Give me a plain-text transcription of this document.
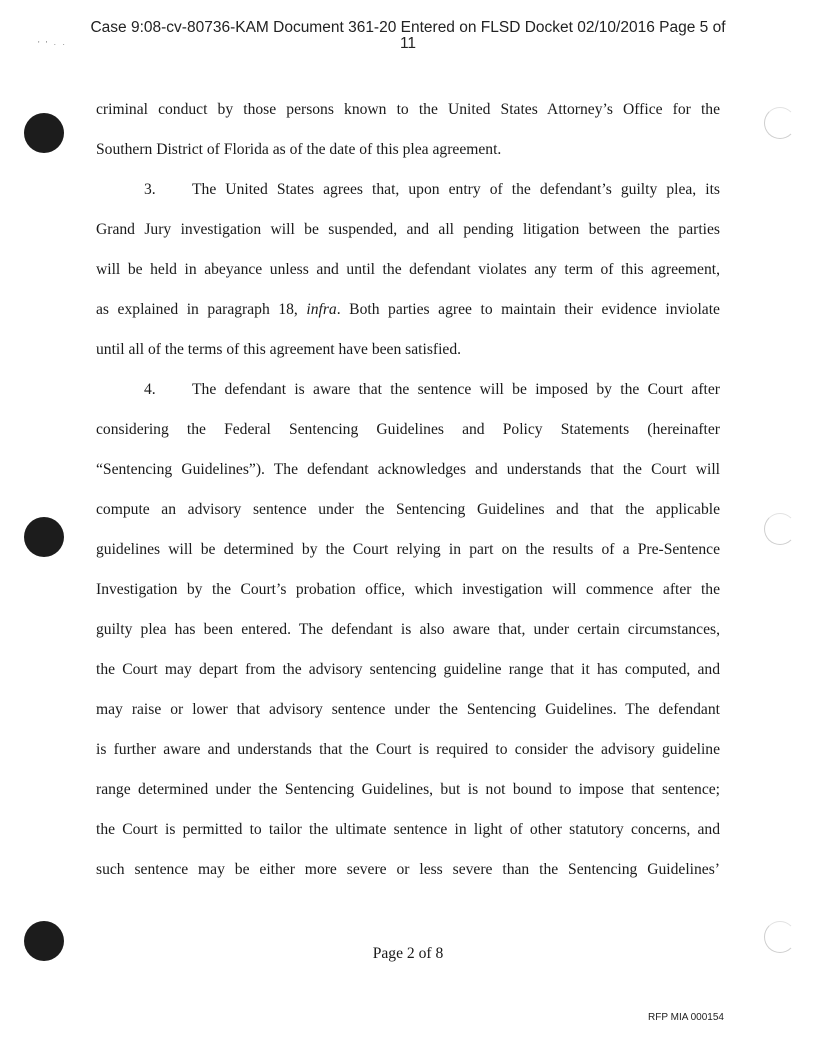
Case 9:08-cv-80736-KAM Document 361-20 Entered on FLSD Docket 02/10/2016 Page 5 of
11
' ' · ·
criminal conduct by those persons known to the United States Attorney’s Office for the
Southern District of Florida as of the date of this plea agreement.
3. The United States agrees that, upon entry of the defendant’s guilty plea, its
Grand Jury investigation will be suspended, and all pending litigation between the parties
will be held in abeyance unless and until the defendant violates any term of this agreement,
as explained in paragraph 18, infra. Both parties agree to maintain their evidence inviolate
until all of the terms of this agreement have been satisfied.
4. The defendant is aware that the sentence will be imposed by the Court after
considering the Federal Sentencing Guidelines and Policy Statements (hereinafter
“Sentencing Guidelines”). The defendant acknowledges and understands that the Court will
compute an advisory sentence under the Sentencing Guidelines and that the applicable
guidelines will be determined by the Court relying in part on the results of a Pre-Sentence
Investigation by the Court’s probation office, which investigation will commence after the
guilty plea has been entered. The defendant is also aware that, under certain circumstances,
the Court may depart from the advisory sentencing guideline range that it has computed, and
may raise or lower that advisory sentence under the Sentencing Guidelines. The defendant
is further aware and understands that the Court is required to consider the advisory guideline
range determined under the Sentencing Guidelines, but is not bound to impose that sentence;
the Court is permitted to tailor the ultimate sentence in light of other statutory concerns, and
such sentence may be either more severe or less severe than the Sentencing Guidelines’
Page 2 of 8
RFP MIA 000154
